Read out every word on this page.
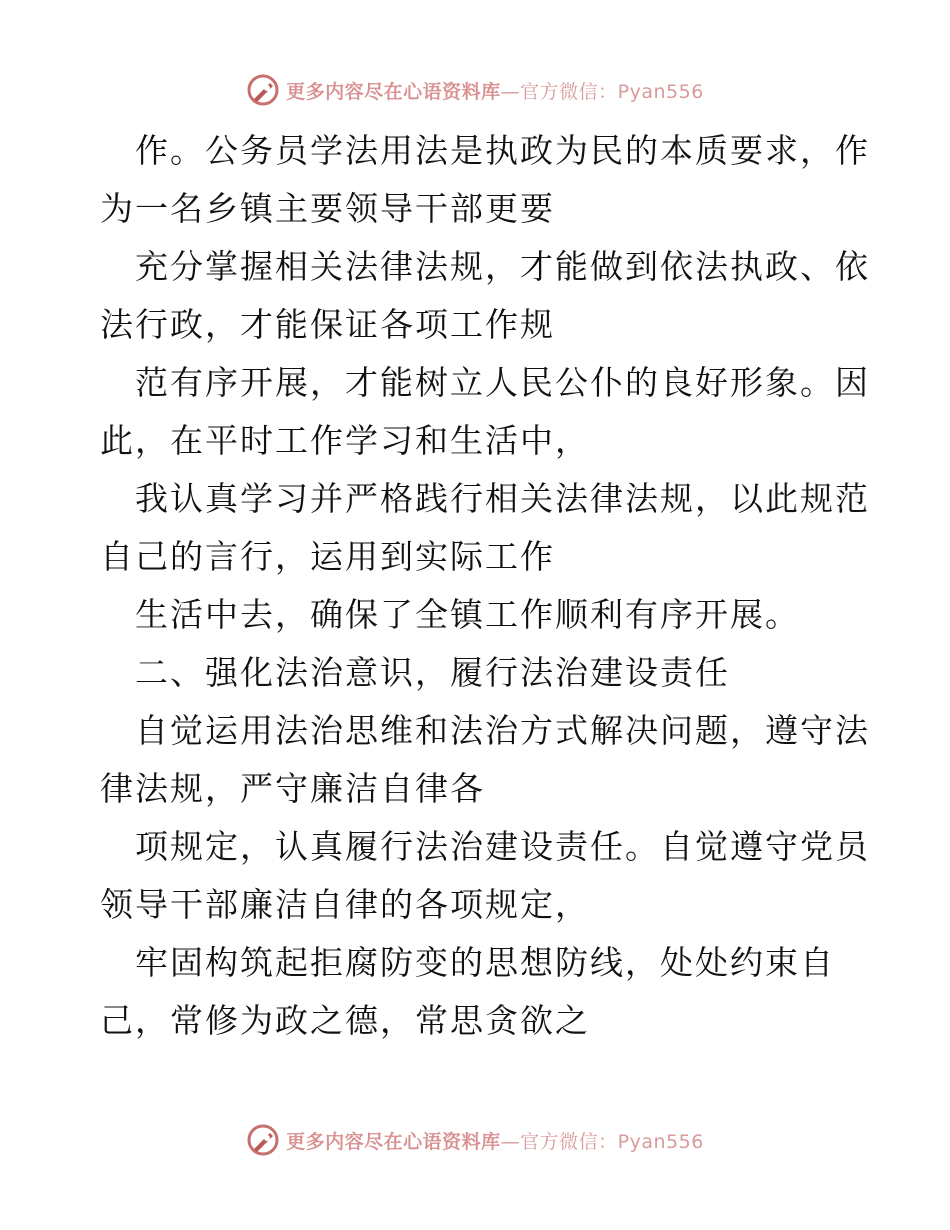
更多内容尽在心语资料库—官方微信：Pyan556

作。公务员学法用法是执政为民的本质要求，作
为一名乡镇主要领导干部更要

充分掌握相关法律法规，才能做到依法执政、依
法行政，才能保证各项工作规

范有序开展，才能树立人民公仆的良好形象。因
此，在平时工作学习和生活中，

我认真学习并严格践行相关法律法规，以此规范
自己的言行，运用到实际工作

生活中去，确保了全镇工作顺利有序开展。

二、强化法治意识，履行法治建设责任

自觉运用法治思维和法治方式解决问题，遵守法
律法规，严守廉洁自律各

项规定，认真履行法治建设责任。自觉遵守党员
领导干部廉洁自律的各项规定，

牢固构筑起拒腐防变的思想防线，处处约束自
己，常修为政之德，常思贪欲之

更多内容尽在心语资料库—官方微信：Pyan556
